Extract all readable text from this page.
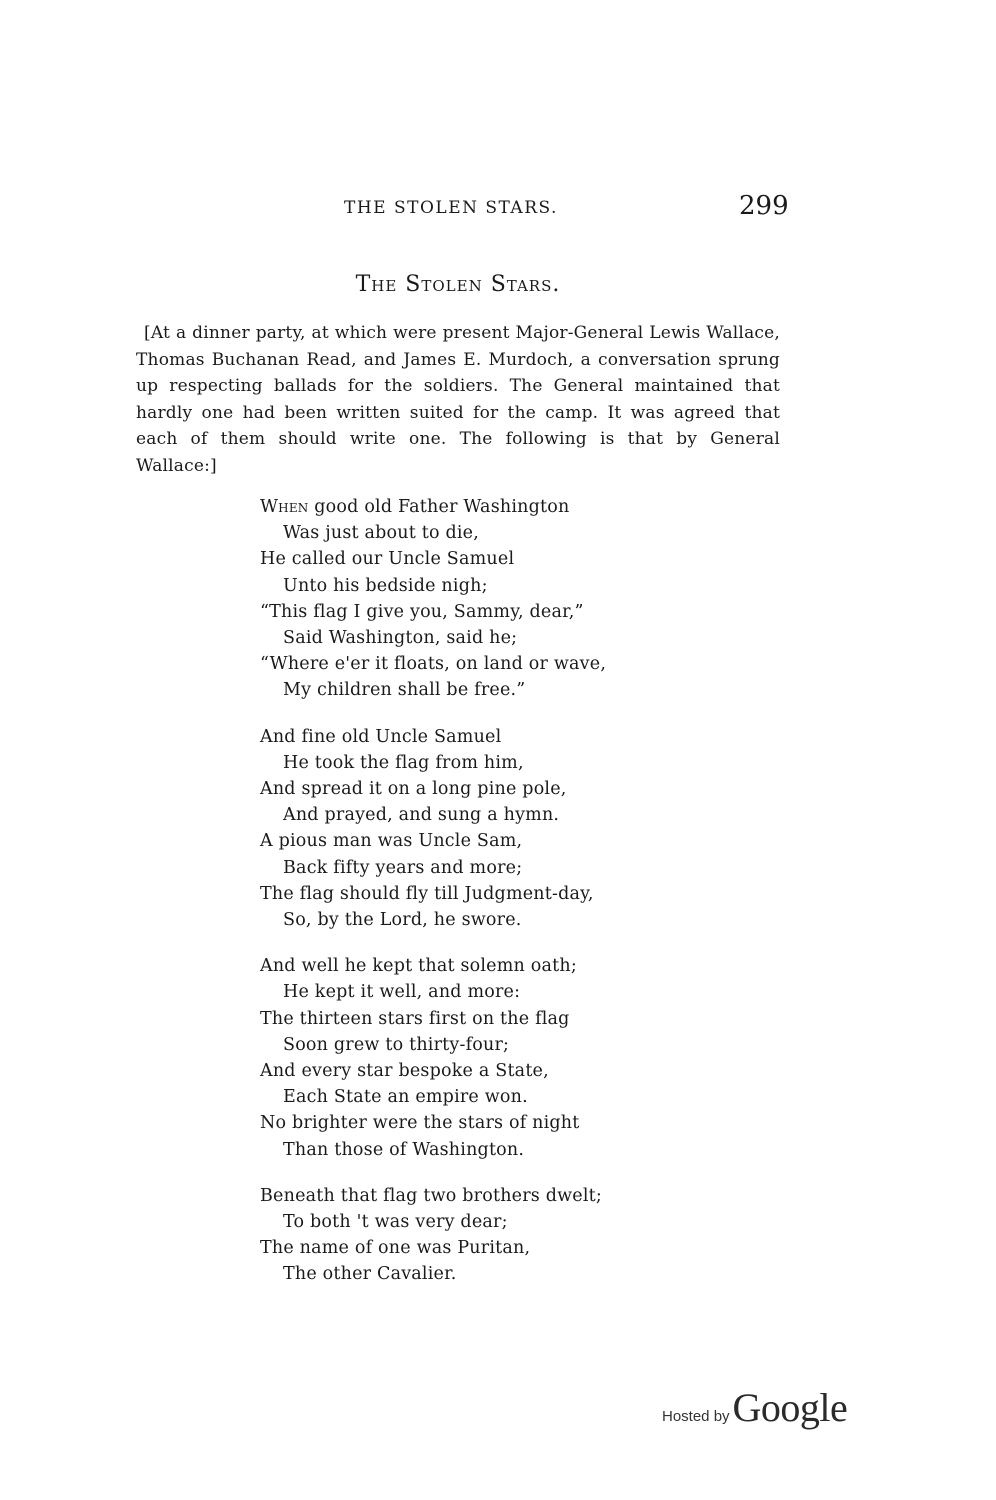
THE STOLEN STARS.	299
The Stolen Stars.
[At a dinner party, at which were present Major-General Lewis Wallace, Thomas Buchanan Read, and James E. Murdoch, a conversation sprung up respecting ballads for the soldiers. The General maintained that hardly one had been written suited for the camp. It was agreed that each of them should write one. The following is that by General Wallace:]
When good old Father Washington
Was just about to die,
He called our Uncle Samuel
Unto his bedside nigh;
“This flag I give you, Sammy, dear,”
Said Washington, said he;
“Where e'er it floats, on land or wave,
My children shall be free.”
And fine old Uncle Samuel
He took the flag from him,
And spread it on a long pine pole,
And prayed, and sung a hymn.
A pious man was Uncle Sam,
Back fifty years and more;
The flag should fly till Judgment-day,
So, by the Lord, he swore.
And well he kept that solemn oath;
He kept it well, and more:
The thirteen stars first on the flag
Soon grew to thirty-four;
And every star bespoke a State,
Each State an empire won.
No brighter were the stars of night
Than those of Washington.
Beneath that flag two brothers dwelt;
To both 't was very dear;
The name of one was Puritan,
The other Cavalier.
Hosted by Google
